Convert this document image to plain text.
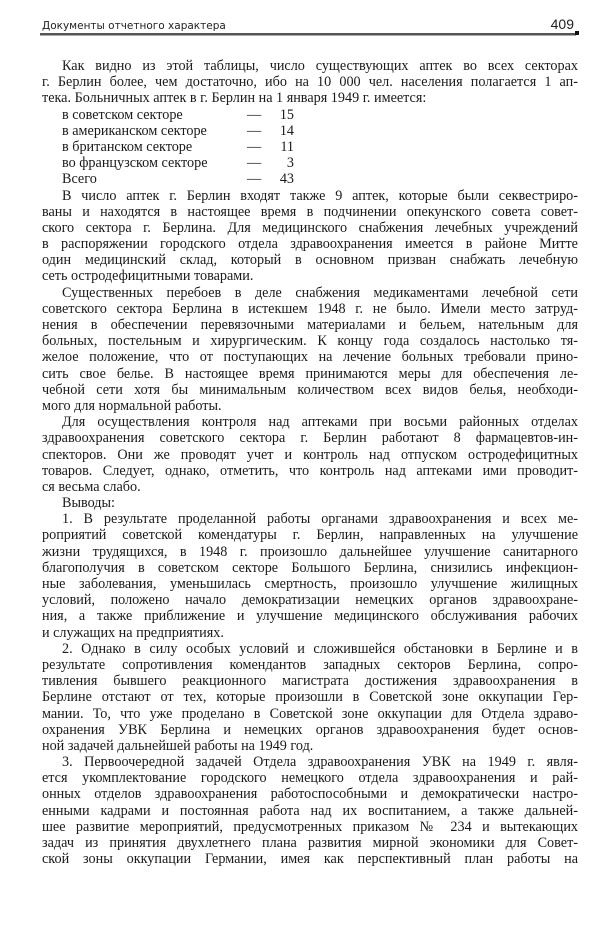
Документы отчетного характера	409
Как видно из этой таблицы, число существующих аптек во всех секторах
г. Берлин более, чем достаточно, ибо на 10 000 чел. населения полагается 1 ап-
тека. Больничных аптек в г. Берлин на 1 января 1949 г. имеется:
в советском секторе	—	15
в американском секторе	—	14
в британском секторе	—	11
во французском секторе	—	3
Всего	—	43
В число аптек г. Берлин входят также 9 аптек, которые были секвестриро-
ваны и находятся в настоящее время в подчинении опекунского совета совет-
ского сектора г. Берлина. Для медицинского снабжения лечебных учреждений
в распоряжении городского отдела здравоохранения имеется в районе Митте
один медицинский склад, который в основном призван снабжать лечебную
сеть остродефицитными товарами.
Существенных перебоев в деле снабжения медикаментами лечебной сети
советского сектора Берлина в истекшем 1948 г. не было. Имели место затруд-
нения в обеспечении перевязочными материалами и бельем, нательным для
больных, постельным и хирургическим. К концу года создалось настолько тя-
желое положение, что от поступающих на лечение больных требовали прино-
сить свое белье. В настоящее время принимаются меры для обеспечения ле-
чебной сети хотя бы минимальным количеством всех видов белья, необходи-
мого для нормальной работы.
Для осуществления контроля над аптеками при восьми районных отделах
здравоохранения советского сектора г. Берлин работают 8 фармацевтов-ин-
спекторов. Они же проводят учет и контроль над отпуском остродефицитных
товаров. Следует, однако, отметить, что контроль над аптеками ими проводит-
ся весьма слабо.
Выводы:
1. В результате проделанной работы органами здравоохранения и всех ме-
роприятий советской комендатуры г. Берлин, направленных на улучшение
жизни трудящихся, в 1948 г. произошло дальнейшее улучшение санитарного
благополучия в советском секторе Большого Берлина, снизились инфекцион-
ные заболевания, уменьшилась смертность, произошло улучшение жилищных
условий, положено начало демократизации немецких органов здравоохране-
ния, а также приближение и улучшение медицинского обслуживания рабочих
и служащих на предприятиях.
2. Однако в силу особых условий и сложившейся обстановки в Берлине и в
результате сопротивления комендантов западных секторов Берлина, сопро-
тивления бывшего реакционного магистрата достижения здравоохранения в
Берлине отстают от тех, которые произошли в Советской зоне оккупации Гер-
мании. То, что уже проделано в Советской зоне оккупации для Отдела здраво-
охранения УВК Берлина и немецких органов здравоохранения будет основ-
ной задачей дальнейшей работы на 1949 год.
3. Первоочередной задачей Отдела здравоохранения УВК на 1949 г. явля-
ется укомплектование городского немецкого отдела здравоохранения и рай-
онных отделов здравоохранения работоспособными и демократически настро-
енными кадрами и постоянная работа над их воспитанием, а также дальней-
шее развитие мероприятий, предусмотренных приказом № 234 и вытекающих
задач из принятия двухлетнего плана развития мирной экономики для Совет-
ской зоны оккупации Германии, имея как перспективный план работы на
